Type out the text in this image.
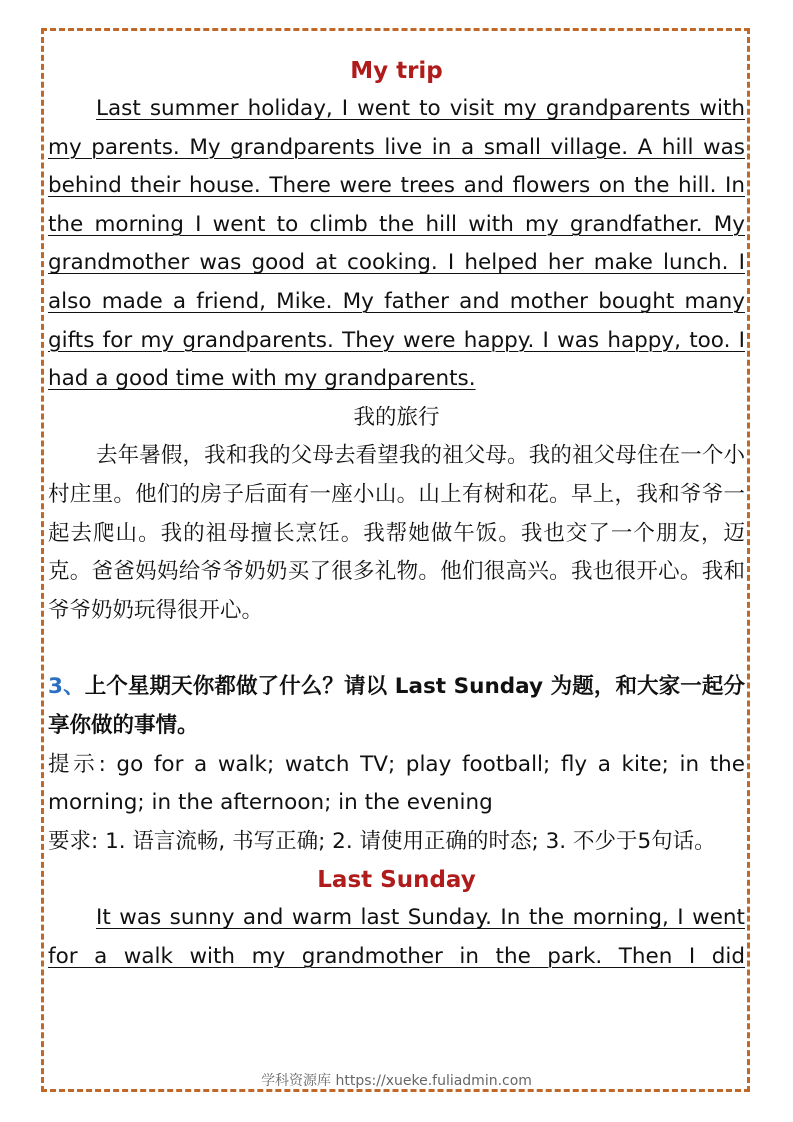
My trip

Last summer holiday, I went to visit my grandparents with my parents. My grandparents live in a small village. A hill was behind their house. There were trees and flowers on the hill. In the morning I went to climb the hill with my grandfather. My grandmother was good at cooking. I helped her make lunch. I also made a friend, Mike. My father and mother bought many gifts for my grandparents. They were happy. I was happy, too. I had a good time with my grandparents.

我的旅行

去年暑假，我和我的父母去看望我的祖父母。我的祖父母住在一个小村庄里。他们的房子后面有一座小山。山上有树和花。早上，我和爷爷一起去爬山。我的祖母擅长烹饪。我帮她做午饭。我也交了一个朋友，迈克。爸爸妈妈给爷爷奶奶买了很多礼物。他们很高兴。我也很开心。我和爷爷奶奶玩得很开心。

3、上个星期天你都做了什么？请以 Last Sunday 为题，和大家一起分享你做的事情。

提示: go for a walk; watch TV; play football; fly a kite; in the morning; in the afternoon; in the evening

要求: 1. 语言流畅, 书写正确; 2. 请使用正确的时态; 3. 不少于5句话。

Last Sunday

It was sunny and warm last Sunday. In the morning, I went for a walk with my grandmother in the park. Then I did

学科资源库 https://xueke.fuliadmin.com
